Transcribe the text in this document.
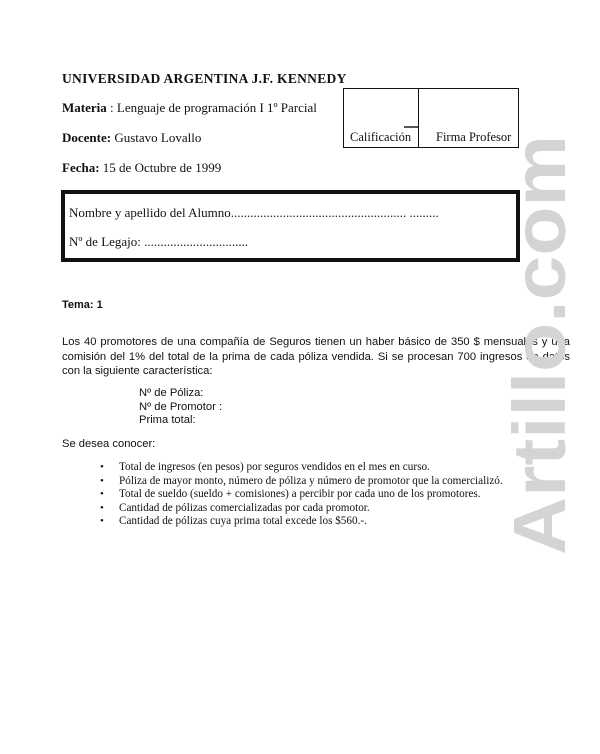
UNIVERSIDAD ARGENTINA J.F. KENNEDY
Materia : Lenguaje de programación I 1º Parcial
Docente: Gustavo Lovallo
Fecha: 15 de Octubre de 1999
Calificación Firma Profesor
Nombre y apellido del Alumno...................................................... .........
Nº de Legajo: ................................
Tema: 1
Los 40 promotores de una compañía de Seguros tienen un haber básico de 350 $ mensuales y una comisión del 1% del total de la prima de cada póliza vendida. Si se procesan 700 ingresos de datos con la siguiente característica:
Nº de Póliza:
Nº de Promotor :
Prima total:
Se desea conocer:
• Total de ingresos (en pesos) por seguros vendidos en el mes en curso.
• Póliza de mayor monto, número de póliza y número de promotor que la comercializó.
• Total de sueldo (sueldo + comisiones) a percibir por cada uno de los promotores.
• Cantidad de pólizas comercializadas por cada promotor.
• Cantidad de pólizas cuya prima total excede los $560.-.	Artillo.com
